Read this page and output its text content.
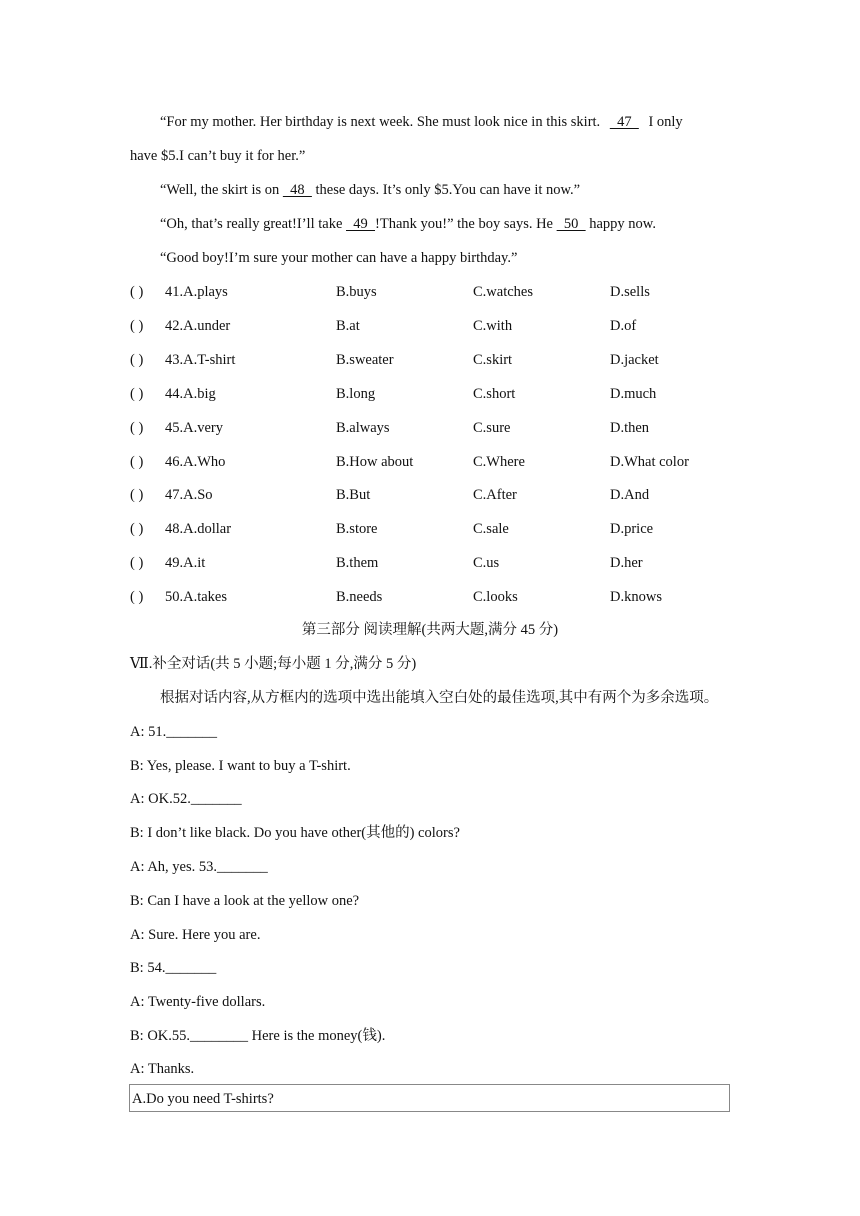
“For my mother. Her birthday is next week. She must look nice in this skirt.   47   I only
have $5.I can’t buy it for her.”
“Well, the skirt is on   48   these days. It’s only $5.You can have it now.”
“Oh, that’s really great!I’ll take   49  !Thank you!” the boy says. He   50   happy now.
“Good boy!I’m sure your mother can have a happy birthday.”
( ) 41.A.plays	B.buys	C.watches	D.sells
( ) 42.A.under	B.at	C.with	D.of
( ) 43.A.T-shirt	B.sweater	C.skirt	D.jacket
( ) 44.A.big	B.long	C.short	D.much
( ) 45.A.very	B.always	C.sure	D.then
( ) 46.A.Who	B.How about	C.Where	D.What color
( ) 47.A.So	B.But	C.After	D.And
( ) 48.A.dollar	B.store	C.sale	D.price
( ) 49.A.it	B.them	C.us	D.her
( ) 50.A.takes	B.needs	C.looks	D.knows
第三部分 阅读理解(共两大题,满分 45 分)
Ⅶ.补全对话(共 5 小题;每小题 1 分,满分 5 分)
根据对话内容,从方框内的选项中选出能填入空白处的最佳选项,其中有两个为多余选项。
A: 51._______
B: Yes, please. I want to buy a T-shirt.
A: OK.52._______
B: I don’t like black. Do you have other(其他的) colors?
A: Ah, yes. 53._______
B: Can I have a look at the yellow one?
A: Sure. Here you are.
B: 54._______
A: Twenty-five dollars.
B: OK.55.________ Here is the money(钱).
A: Thanks.
A.Do you need T-shirts?
